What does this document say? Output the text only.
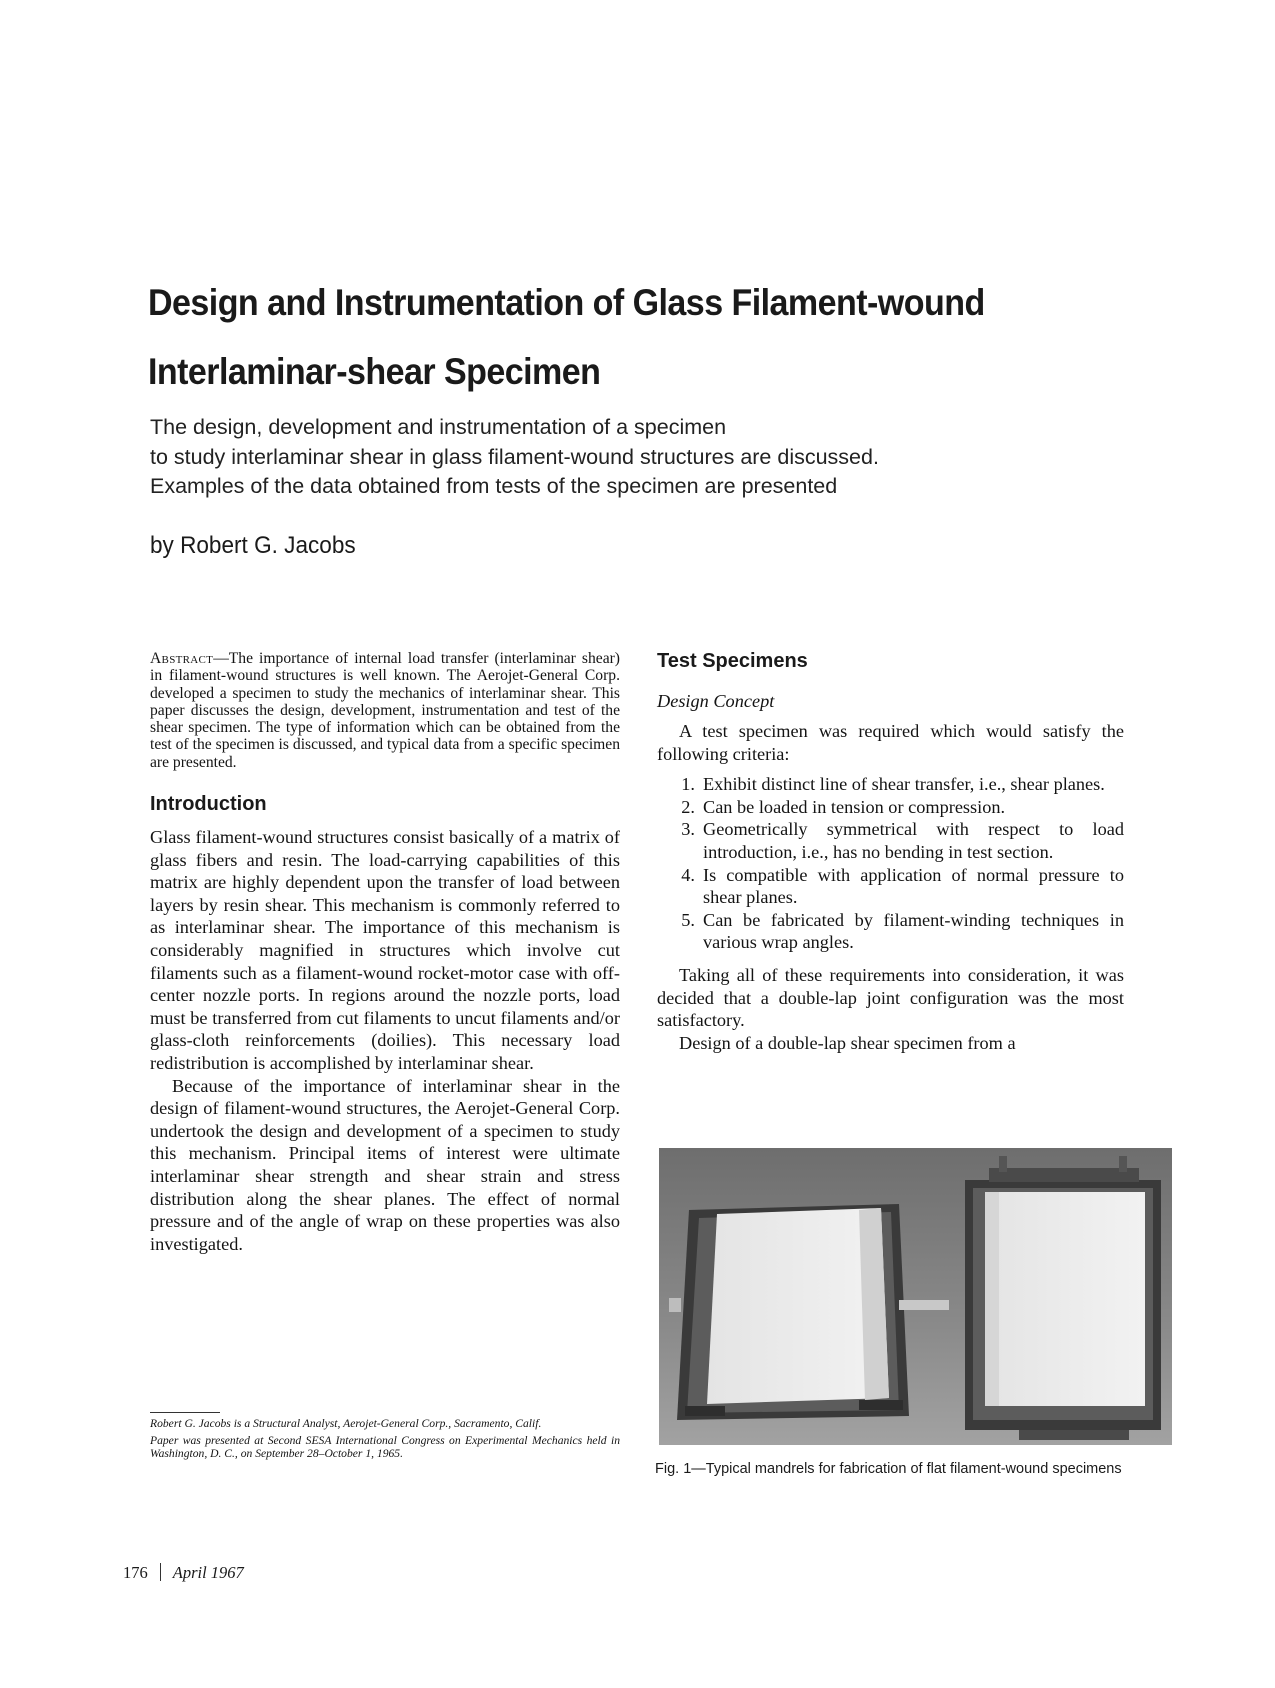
Design and Instrumentation of Glass Filament-wound
Interlaminar-shear Specimen
The design, development and instrumentation of a specimen
to study interlaminar shear in glass filament-wound structures are discussed.
Examples of the data obtained from tests of the specimen are presented
by Robert G. Jacobs

Abstract—The importance of internal load transfer (interlaminar shear) in filament-wound structures is well known. The Aerojet-General Corp. developed a specimen to study the mechanics of interlaminar shear. This paper discusses the design, development, instrumentation and test of the shear specimen. The type of information which can be obtained from the test of the specimen is discussed, and typical data from a specific specimen are presented.

Introduction

Glass filament-wound structures consist basically of a matrix of glass fibers and resin. The load-carrying capabilities of this matrix are highly dependent upon the transfer of load between layers by resin shear. This mechanism is commonly referred to as interlaminar shear. The importance of this mechanism is considerably magnified in structures which involve cut filaments such as a filament-wound rocket-motor case with off-center nozzle ports. In regions around the nozzle ports, load must be transferred from cut filaments to uncut filaments and/or glass-cloth reinforcements (doilies). This necessary load redistribution is accomplished by interlaminar shear.

Because of the importance of interlaminar shear in the design of filament-wound structures, the Aerojet-General Corp. undertook the design and development of a specimen to study this mechanism. Principal items of interest were ultimate interlaminar shear strength and shear strain and stress distribution along the shear planes. The effect of normal pressure and of the angle of wrap on these properties was also investigated.

Robert G. Jacobs is a Structural Analyst, Aerojet-General Corp., Sacramento, Calif.

Paper was presented at Second SESA International Congress on Experimental Mechanics held in Washington, D. C., on September 28–October 1, 1965.

Test Specimens

Design Concept

A test specimen was required which would satisfy the following criteria:

1. Exhibit distinct line of shear transfer, i.e., shear planes.
2. Can be loaded in tension or compression.
3. Geometrically symmetrical with respect to load introduction, i.e., has no bending in test section.
4. Is compatible with application of normal pressure to shear planes.
5. Can be fabricated by filament-winding techniques in various wrap angles.

Taking all of these requirements into consideration, it was decided that a double-lap joint configuration was the most satisfactory.

Design of a double-lap shear specimen from a

Fig. 1—Typical mandrels for fabrication of flat filament-wound specimens
176 April 1967
